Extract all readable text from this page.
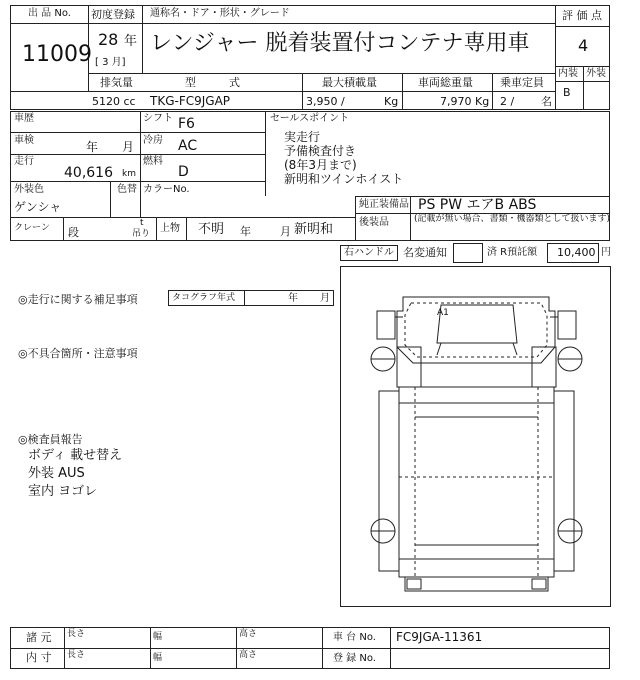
出 品 No.
11009
初度登録
28 年
[ 3 月]
通称名・ドア・形状・グレード
レンジャー 脱着装置付コンテナ専用車
評 価 点
4
内装 外装
B
排気量	型　　　式	最大積載量	車両総重量 乗車定員
5120 cc TKG-FC9JGAP	3,950 /	Kg	7,970 Kg 2 / 名
車歴	シフト F6	セールスポイント
実走行
予備検査付き
(8年3月まで)
新明和ツインホイスト
車検	年 月 冷房 AC
走行
40,616 km
燃料
D
外装色
ゲンシャ
色替 カラーNo.
純正装備品 PS PW エアB ABS
後装品	(記載が無い場合、書類・機器類として扱います)
クレーン 段
t
吊り 上物 不明 年	月 新明和
右ハンドル 名変通知	済 R預託額 10,400 円
◎走行に関する補足事項	タコグラフ年式	年 月
◎不具合箇所・注意事項
◎検査員報告
ボディ 載せ替え
外装 AUS
室内 ヨゴレ
A1
諸 元
内 寸
長さ	幅	高さ
長さ	幅	高さ
車 台 No. FC9JGA-11361
登 録 No.
